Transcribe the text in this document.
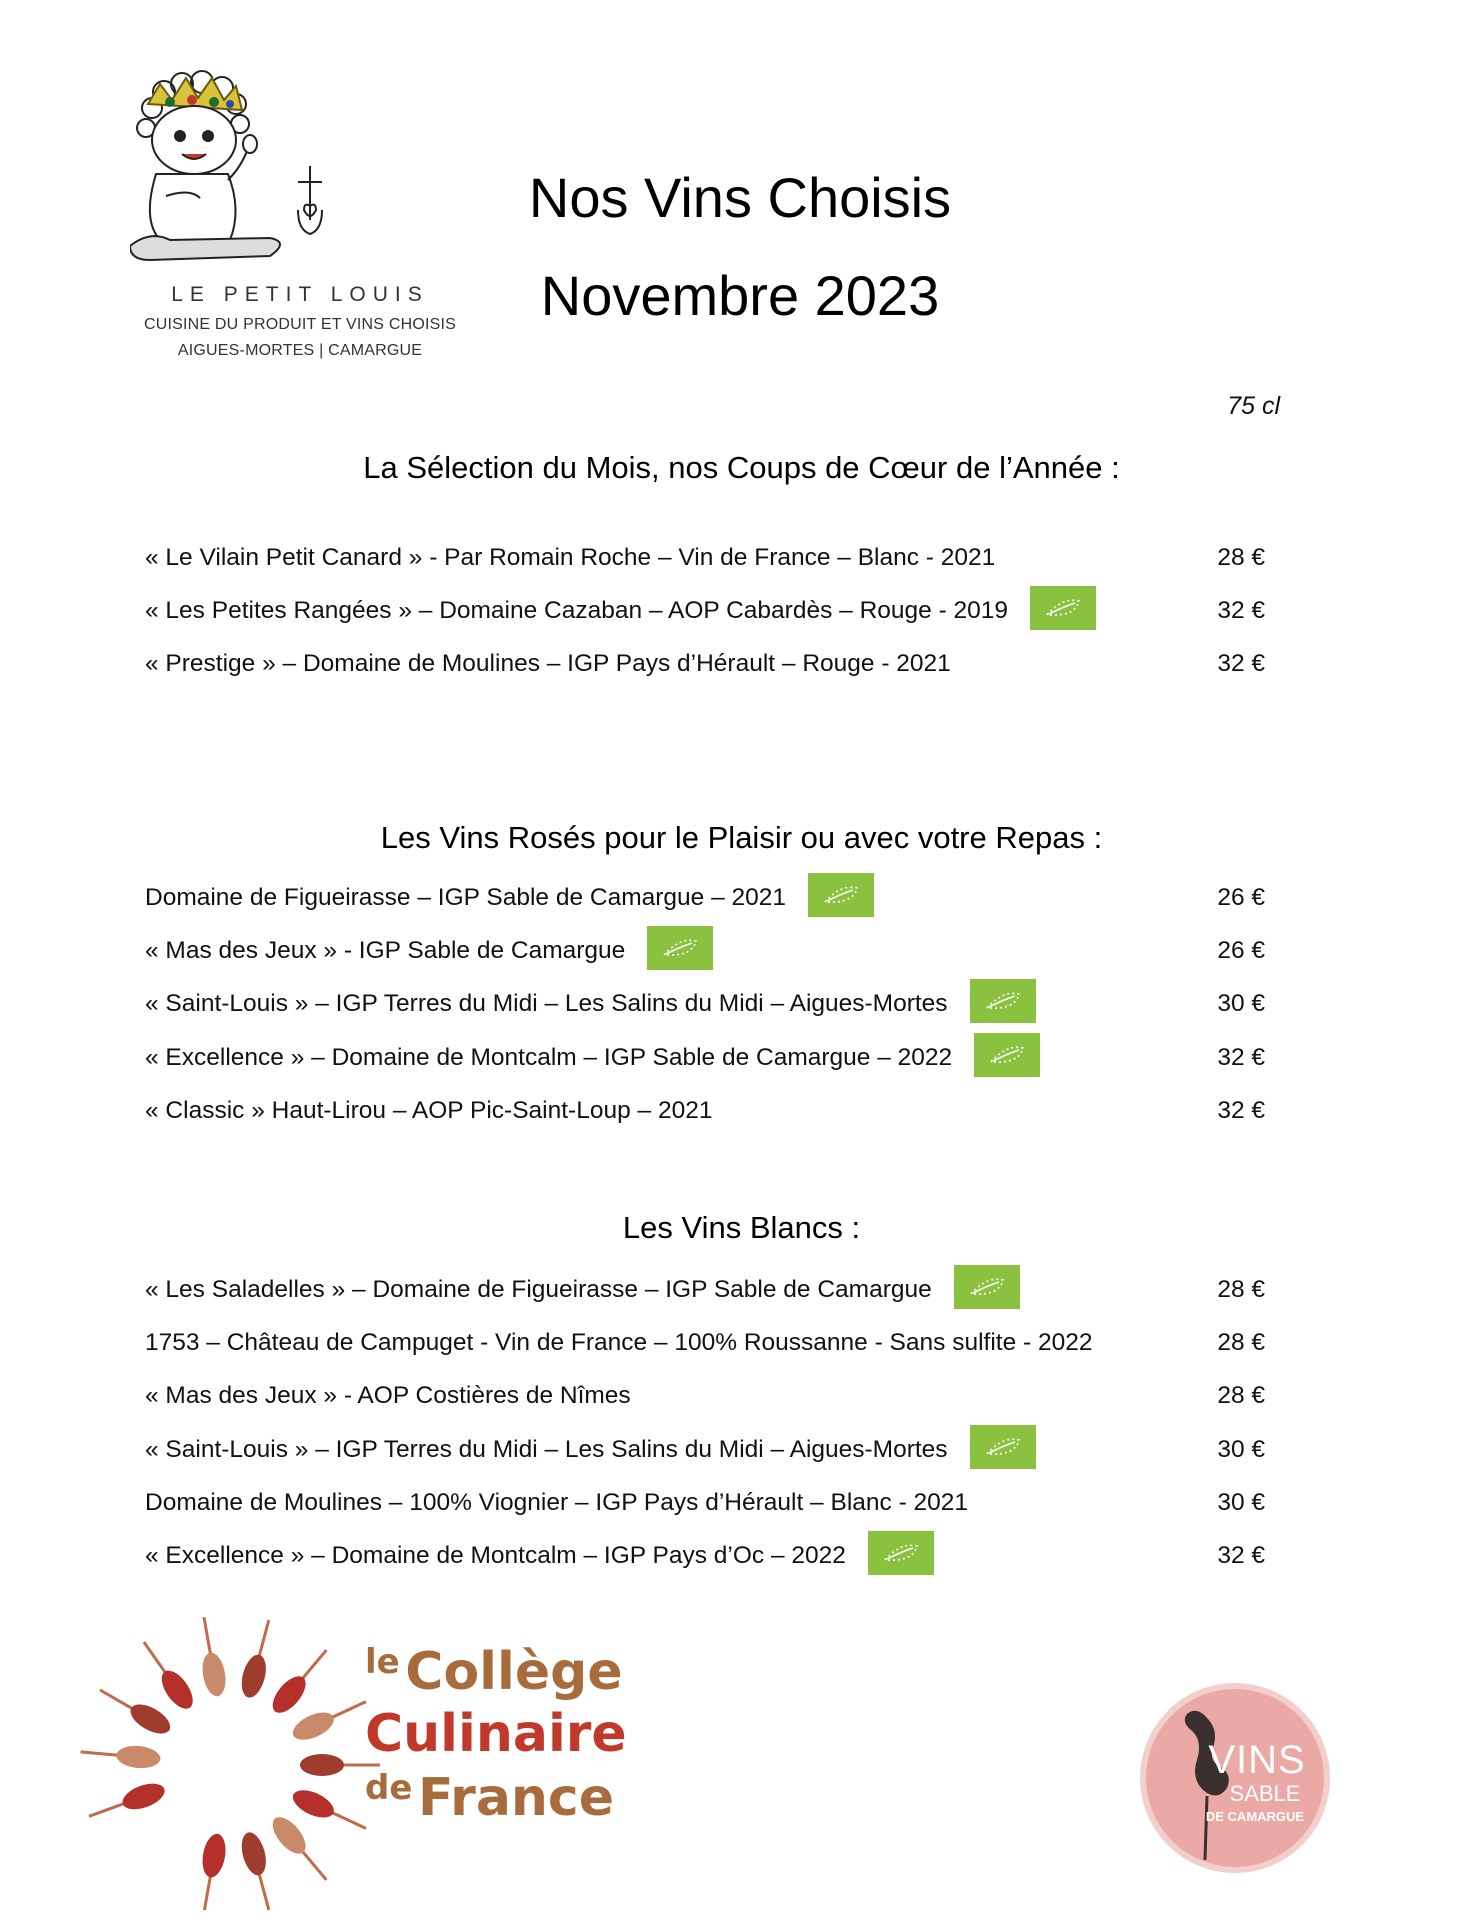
LE PETIT LOUIS
CUISINE DU PRODUIT ET VINS CHOISIS
AIGUES-MORTES | CAMARGUE
Nos Vins Choisis
Novembre 2023
75 cl
La Sélection du Mois, nos Coups de Cœur de l’Année :
« Le Vilain Petit Canard » - Par Romain Roche – Vin de France – Blanc - 2021	28 €
« Les Petites Rangées » – Domaine Cazaban – AOP Cabardès – Rouge - 2019	32 €
« Prestige » – Domaine de Moulines – IGP Pays d’Hérault – Rouge - 2021	32 €
Les Vins Rosés pour le Plaisir ou avec votre Repas :
Domaine de Figueirasse – IGP Sable de Camargue – 2021	26 €
« Mas des Jeux » - IGP Sable de Camargue	26 €
« Saint-Louis » – IGP Terres du Midi – Les Salins du Midi – Aigues-Mortes	30 €
« Excellence » – Domaine de Montcalm – IGP Sable de Camargue – 2022	32 €
« Classic » Haut-Lirou – AOP Pic-Saint-Loup – 2021	32 €
Les Vins Blancs :
« Les Saladelles » – Domaine de Figueirasse – IGP Sable de Camargue	28 €
1753 – Château de Campuget - Vin de France – 100% Roussanne - Sans sulfite - 2022	28 €
« Mas des Jeux » - AOP Costières de Nîmes	28 €
« Saint-Louis » – IGP Terres du Midi – Les Salins du Midi – Aigues-Mortes	30 €
Domaine de Moulines – 100% Viognier – IGP Pays d’Hérault – Blanc - 2021	30 €
« Excellence » – Domaine de Montcalm – IGP Pays d’Oc – 2022	32 €
le Collège
Culinaire
de France
VINS
SABLE
DE CAMARGUE
